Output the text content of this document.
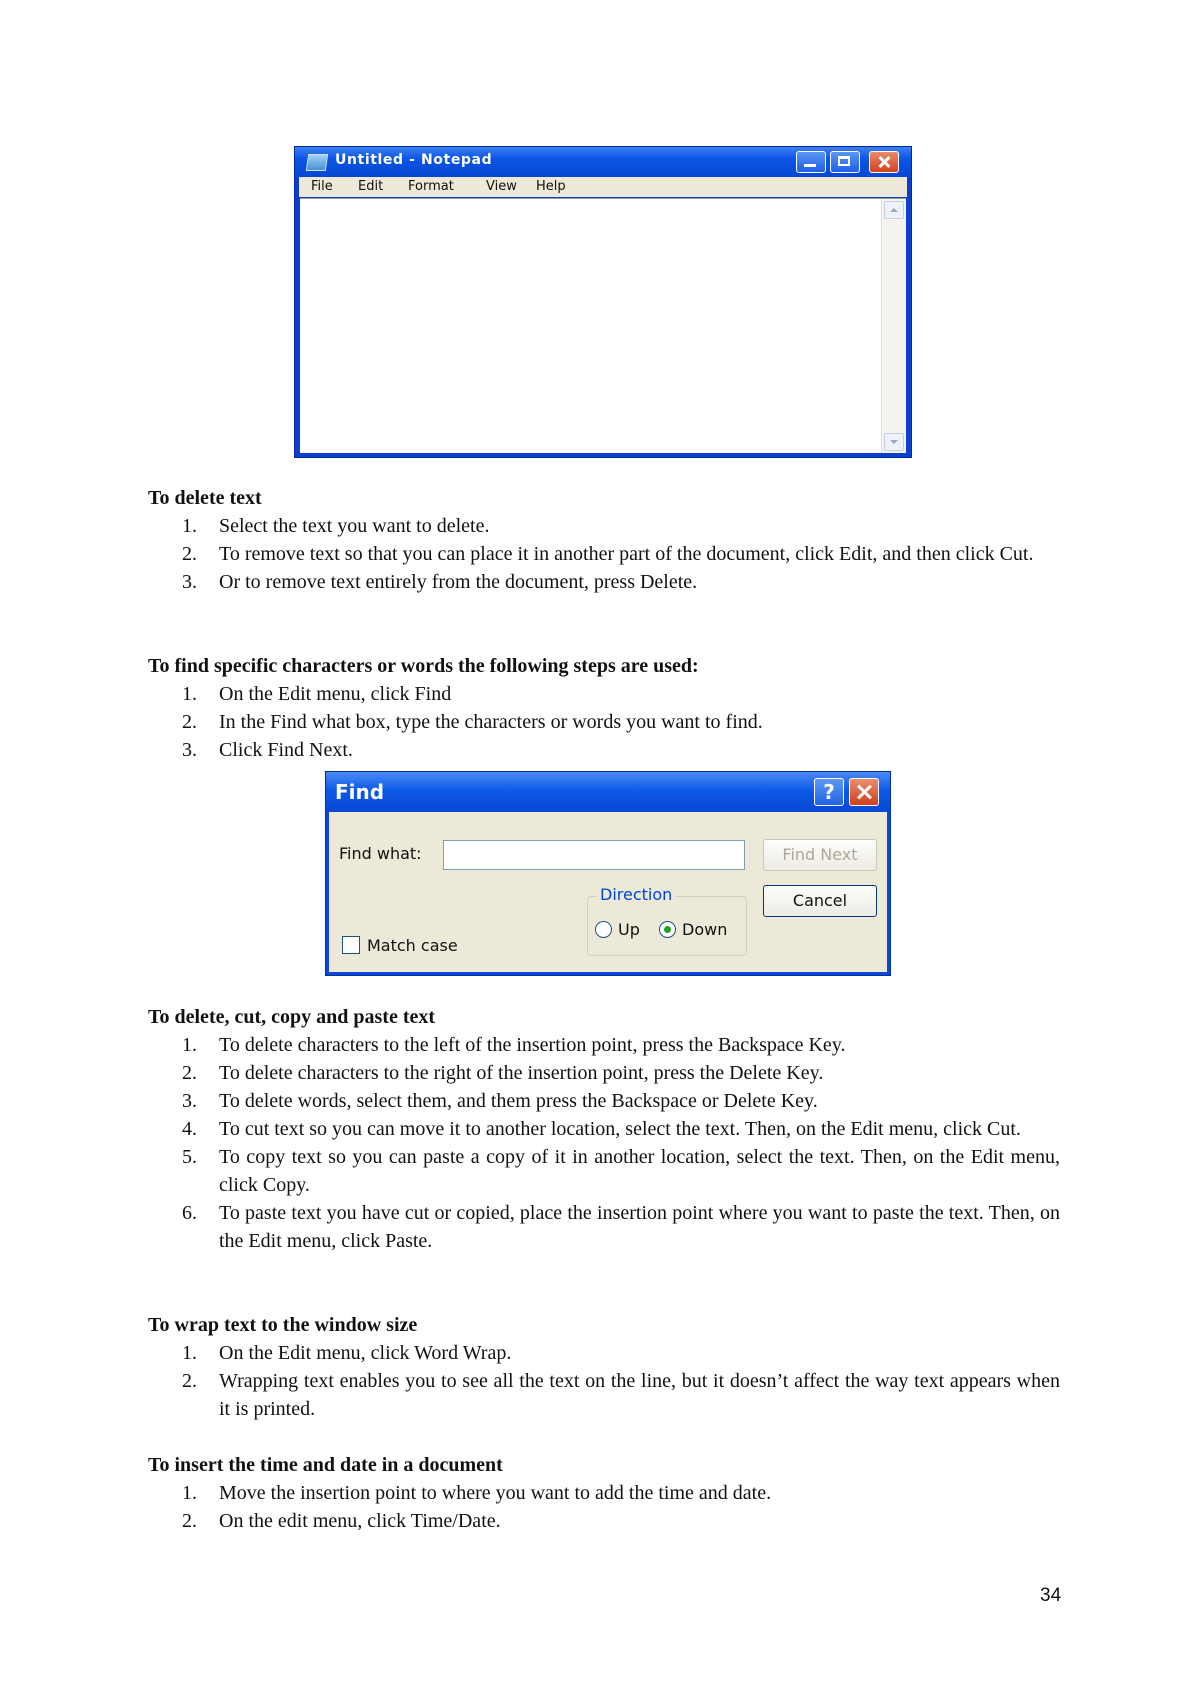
Untitled - Notepad
File Edit Format View Help
To delete text
1. Select the text you want to delete.
2. To remove text so that you can place it in another part of the document, click Edit, and then click Cut.
3. Or to remove text entirely from the document, press Delete.
To find specific characters or words the following steps are used:
1. On the Edit menu, click Find
2. In the Find what box, type the characters or words you want to find.
3. Click Find Next.
Find	?
Find what:	Find Next
Cancel
Direction
Up	Down
Match case
To delete, cut, copy and paste text
1. To delete characters to the left of the insertion point, press the Backspace Key.
2. To delete characters to the right of the insertion point, press the Delete Key.
3. To delete words, select them, and them press the Backspace or Delete Key.
4. To cut text so you can move it to another location, select the text. Then, on the Edit menu, click Cut.
5. To copy text so you can paste a copy of it in another location, select the text. Then, on the Edit menu, click Copy.
6. To paste text you have cut or copied, place the insertion point where you want to paste the text. Then, on the Edit menu, click Paste.
To wrap text to the window size
1. On the Edit menu, click Word Wrap.
2. Wrapping text enables you to see all the text on the line, but it doesn’t affect the way text appears when it is printed.
To insert the time and date in a document
1. Move the insertion point to where you want to add the time and date.
2. On the edit menu, click Time/Date.
34
